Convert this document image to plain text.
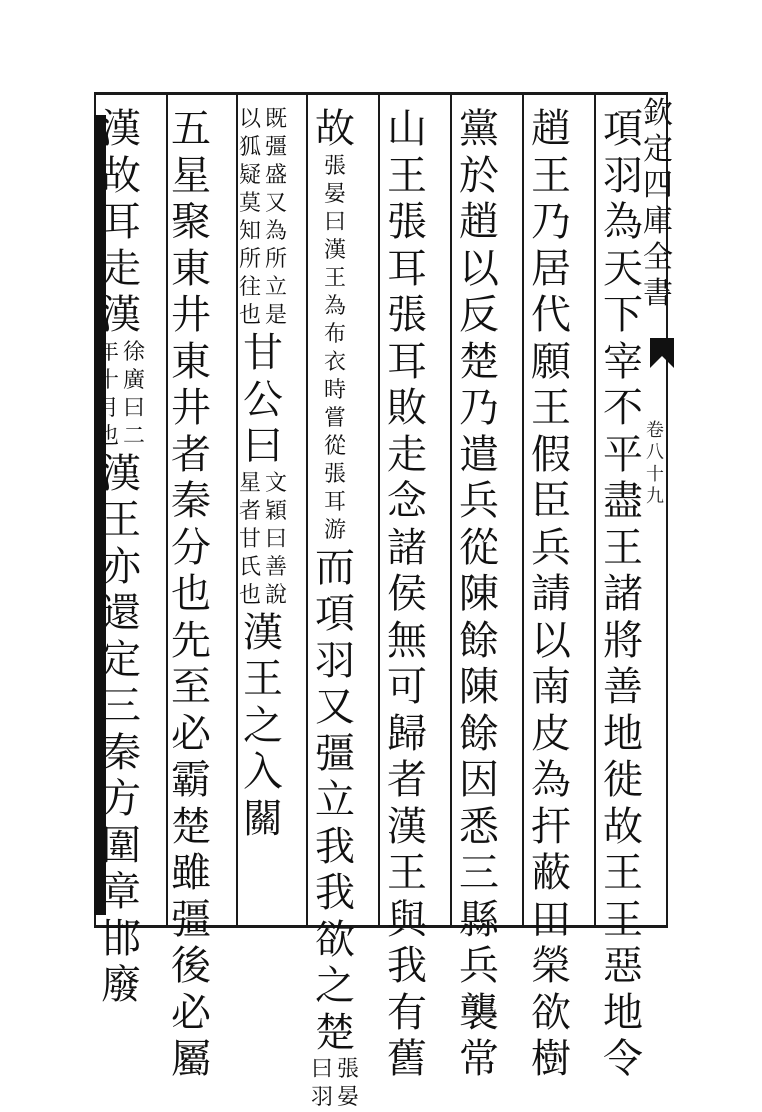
欽
定
四
庫
全
書
卷
八
十
九
項
羽
為
天
下
宰
不
平
盡
王
諸
將
善
地
徙
故
王
王
惡
地
令
趙
王
乃
居
代
願
王
假
臣
兵
請
以
南
皮
為
扞
蔽
田
榮
欲
樹
黨
於
趙
以
反
楚
乃
遣
兵
從
陳
餘
陳
餘
因
悉
三
縣
兵
襲
常
山
王
張
耳
張
耳
敗
走
念
諸
侯
無
可
歸
者
漢
王
與
我
有
舊
故
張
晏
曰
漢
王
為
布
衣
時
嘗
從
張
耳
游
而
項
羽
又
彊
立
我
我
欲
之
楚
張
晏
曰
羽
既
彊
盛
又
為
所
立
是
以
狐
疑
莫
知
所
往
也
甘
公
曰
文
穎
曰
善
說
星
者
甘
氏
也
漢
王
之
入
關
五
星
聚
東
井
東
井
者
秦
分
也
先
至
必
霸
楚
雖
彊
後
必
屬
漢
故
耳
走
漢
徐
廣
曰
二
年
十
月
也
漢
王
亦
還
定
三
秦
方
圍
章
邯
廢
